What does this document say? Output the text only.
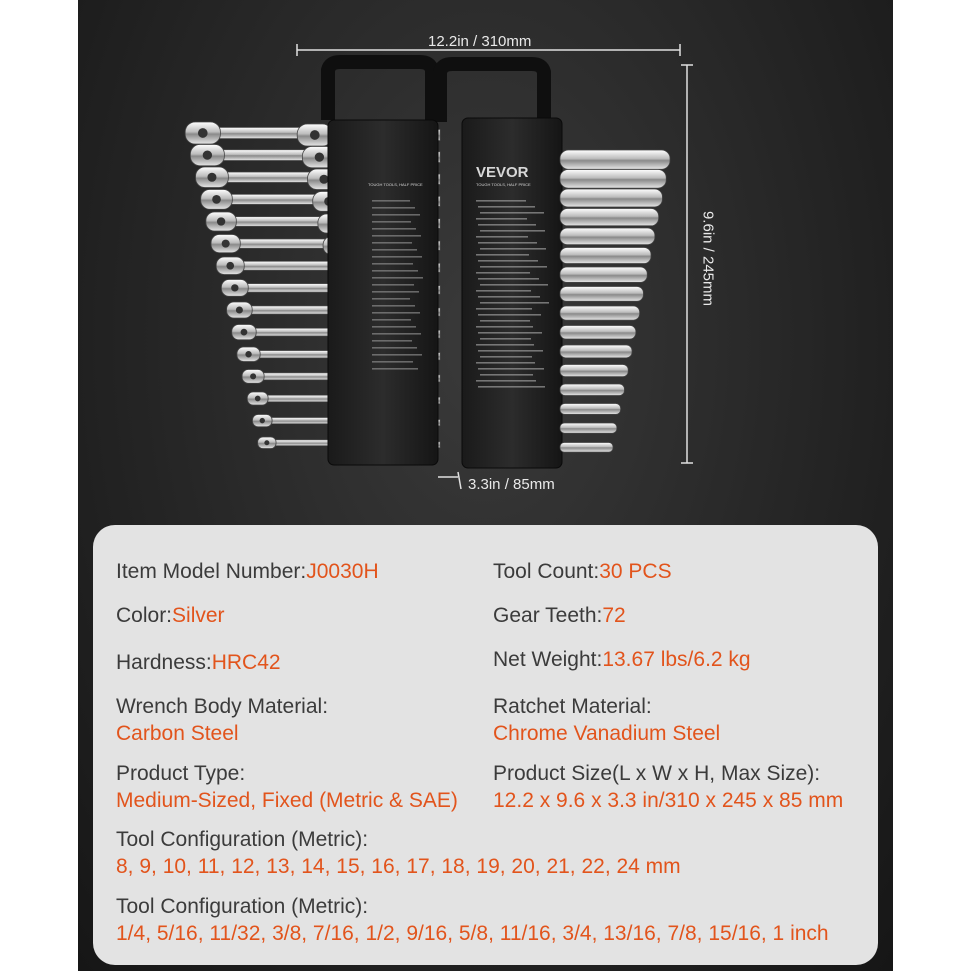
VEVOR
TOUGH TOOLS, HALF PRICE
TOUGH TOOLS, HALF PRICE
12.2in / 310mm
9.6in / 245mm
3.3in / 85mm
Item Model Number:J0030H	Tool Count:30 PCS
Color:Silver	Gear Teeth:72
Hardness:HRC42	Net Weight:13.67 lbs/6.2 kg
Wrench Body Material:
Carbon Steel
Ratchet Material:
Chrome Vanadium Steel
Product Type:
Medium-Sized, Fixed (Metric & SAE)
Product Size(L x W x H, Max Size):
12.2 x 9.6 x 3.3 in/310 x 245 x 85 mm
Tool Configuration (Metric):
8, 9, 10, 11, 12, 13, 14, 15, 16, 17, 18, 19, 20, 21, 22, 24 mm
Tool Configuration (Metric):
1/4, 5/16, 11/32, 3/8, 7/16, 1/2, 9/16, 5/8, 11/16, 3/4, 13/16, 7/8, 15/16, 1 inch
